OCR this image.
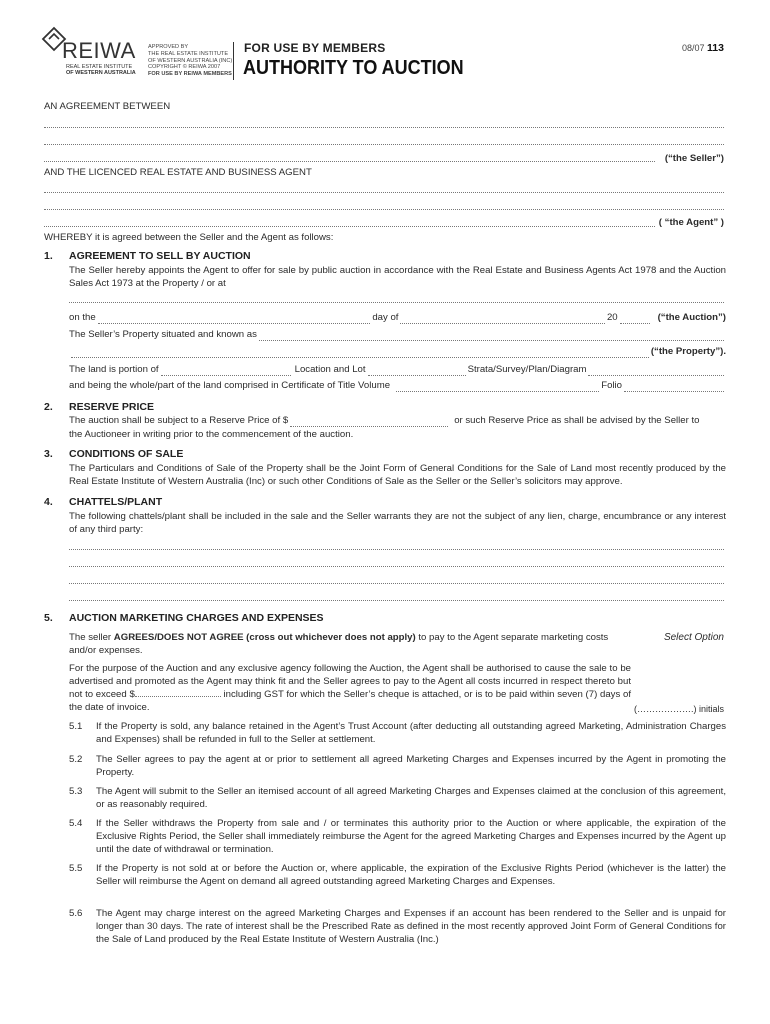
REIWA
REAL ESTATE INSTITUTE
OF WESTERN AUSTRALIA
APPROVED BY
THE REAL ESTATE INSTITUTE
OF WESTERN AUSTRALIA (INC)
COPYRIGHT © REIWA 2007
FOR USE BY REIWA MEMBERS
FOR USE BY MEMBERS
AUTHORITY TO AUCTION
08/07 113
AN AGREEMENT BETWEEN
(“the Seller”)
AND THE LICENCED REAL ESTATE AND BUSINESS AGENT
( “the Agent” )
WHEREBY it is agreed between the Seller and the Agent as follows:
1. AGREEMENT TO SELL BY AUCTION
The Seller hereby appoints the Agent to offer for sale by public auction in accordance with the Real Estate and Business Agents Act 1978 and the Auction Sales Act 1973 at the Property / or at
on the	day of	20	(“the Auction”)
The Seller’s Property situated and known as
(“the Property”).
The land is portion of	Location and Lot	Strata/Survey/Plan/Diagram
and being the whole/part of the land comprised in Certificate of Title Volume	Folio
2. RESERVE PRICE
The auction shall be subject to a Reserve Price of $	or such Reserve Price as shall be advised by the Seller to
the Auctioneer in writing prior to the commencement of the auction.
3. CONDITIONS OF SALE
The Particulars and Conditions of Sale of the Property shall be the Joint Form of General Conditions for the Sale of Land most recently produced by the Real Estate Institute of Western Australia (Inc) or such other Conditions of Sale as the Seller or the Seller’s solicitors may approve.
4. CHATTELS/PLANT
The following chattels/plant shall be included in the sale and the Seller warrants they are not the subject of any lien, charge, encumbrance or any interest of any third party:
5. AUCTION MARKETING CHARGES AND EXPENSES
The seller AGREES/DOES NOT AGREE (cross out whichever does not apply) to pay to the Agent separate marketing costs and/or expenses.
Select Option
For the purpose of the Auction and any exclusive agency following the Auction, the Agent shall be authorised to cause the sale to be advertised and promoted as the Agent may think fit and the Seller agrees to pay to the Agent all costs incurred in respect thereto but not to exceed $	including GST for which the Seller’s cheque is attached, or is to be paid within seven (7) days of the date of invoice.	(……………….) initials
5.1 If the Property is sold, any balance retained in the Agent’s Trust Account (after deducting all outstanding agreed Marketing, Administration Charges and Expenses) shall be refunded in full to the Seller at settlement.
5.2 The Seller agrees to pay the agent at or prior to settlement all agreed Marketing Charges and Expenses incurred by the Agent in promoting the Property.
5.3 The Agent will submit to the Seller an itemised account of all agreed Marketing Charges and Expenses claimed at the conclusion of this agreement, or as reasonably required.
5.4 If the Seller withdraws the Property from sale and / or terminates this authority prior to the Auction or where applicable, the expiration of the Exclusive Rights Period, the Seller shall immediately reimburse the Agent for the agreed Marketing Charges and Expenses incurred by the Agent up until the date of withdrawal or termination.
5.5 If the Property is not sold at or before the Auction or, where applicable, the expiration of the Exclusive Rights Period (whichever is the latter) the Seller will reimburse the Agent on demand all agreed outstanding agreed Marketing Charges and Expenses.
5.6 The Agent may charge interest on the agreed Marketing Charges and Expenses if an account has been rendered to the Seller and is unpaid for longer than 30 days. The rate of interest shall be the Prescribed Rate as defined in the most recently approved Joint Form of General Conditions for the Sale of Land produced by the Real Estate Institute of Western Australia (Inc.)
